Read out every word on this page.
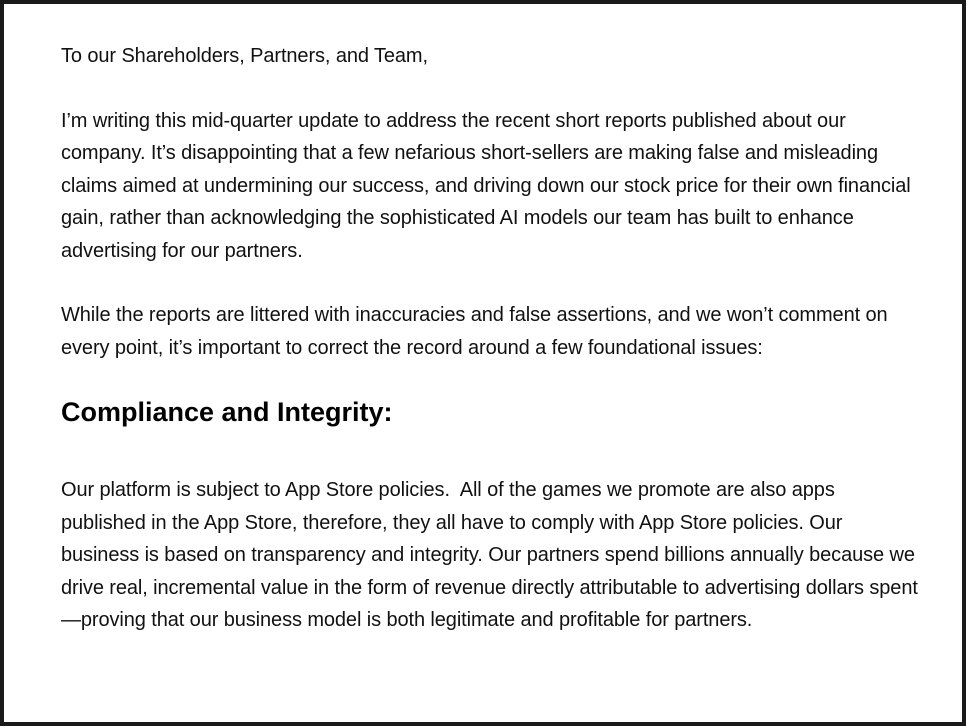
To our Shareholders, Partners, and Team,

I’m writing this mid-quarter update to address the recent short reports published about our company. It’s disappointing that a few nefarious short-sellers are making false and misleading claims aimed at undermining our success, and driving down our stock price for their own financial gain, rather than acknowledging the sophisticated AI models our team has built to enhance advertising for our partners.

While the reports are littered with inaccuracies and false assertions, and we won’t comment on every point, it’s important to correct the record around a few foundational issues:

Compliance and Integrity:

Our platform is subject to App Store policies.  All of the games we promote are also apps published in the App Store, therefore, they all have to comply with App Store policies. Our business is based on transparency and integrity. Our partners spend billions annually because we drive real, incremental value in the form of revenue directly attributable to advertising dollars spent—proving that our business model is both legitimate and profitable for partners.
